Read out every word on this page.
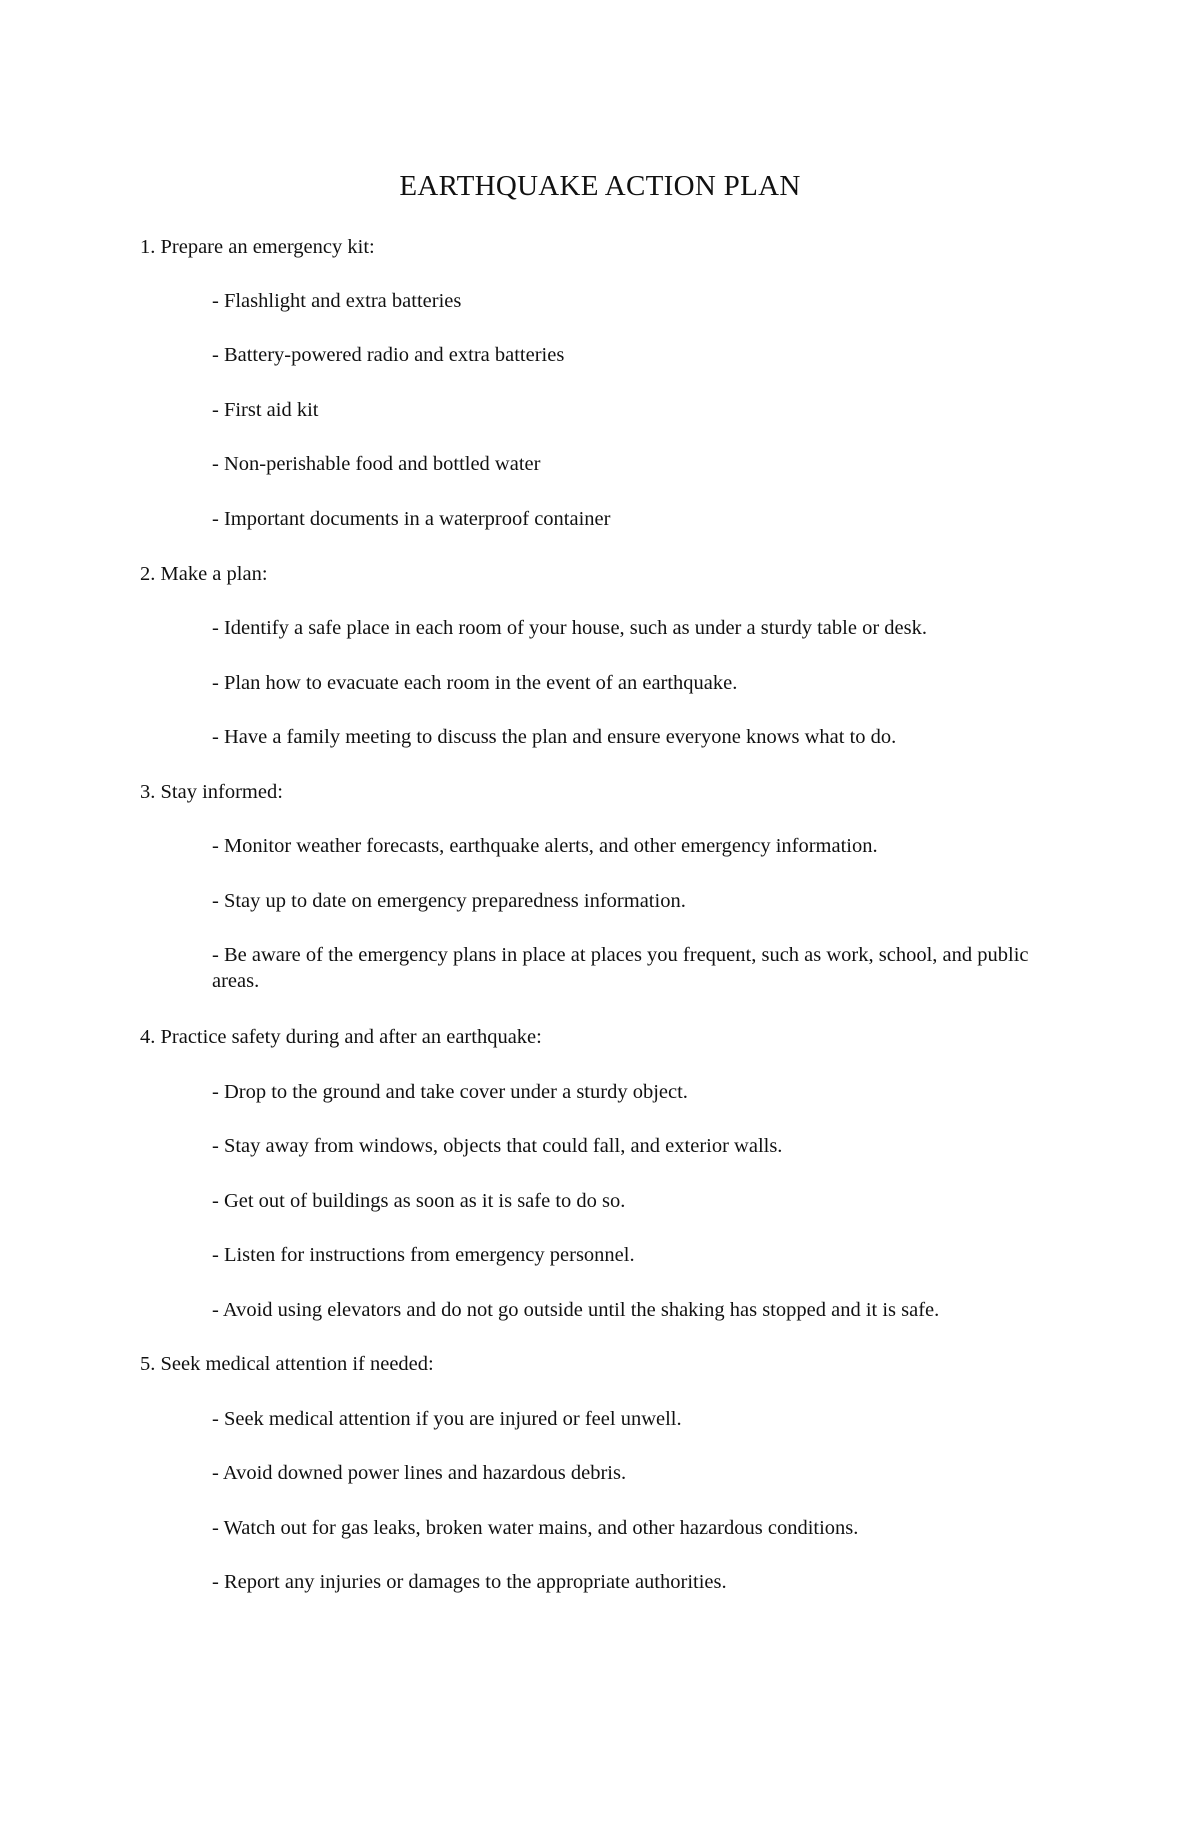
EARTHQUAKE ACTION PLAN

1. Prepare an emergency kit:

- Flashlight and extra batteries

- Battery-powered radio and extra batteries

- First aid kit

- Non-perishable food and bottled water

- Important documents in a waterproof container

2. Make a plan:

- Identify a safe place in each room of your house, such as under a sturdy table or desk.

- Plan how to evacuate each room in the event of an earthquake.

- Have a family meeting to discuss the plan and ensure everyone knows what to do.

3. Stay informed:

- Monitor weather forecasts, earthquake alerts, and other emergency information.

- Stay up to date on emergency preparedness information.

- Be aware of the emergency plans in place at places you frequent, such as work, school, and public areas.

4. Practice safety during and after an earthquake:

- Drop to the ground and take cover under a sturdy object.

- Stay away from windows, objects that could fall, and exterior walls.

- Get out of buildings as soon as it is safe to do so.

- Listen for instructions from emergency personnel.

- Avoid using elevators and do not go outside until the shaking has stopped and it is safe.

5. Seek medical attention if needed:

- Seek medical attention if you are injured or feel unwell.

- Avoid downed power lines and hazardous debris.

- Watch out for gas leaks, broken water mains, and other hazardous conditions.

- Report any injuries or damages to the appropriate authorities.
